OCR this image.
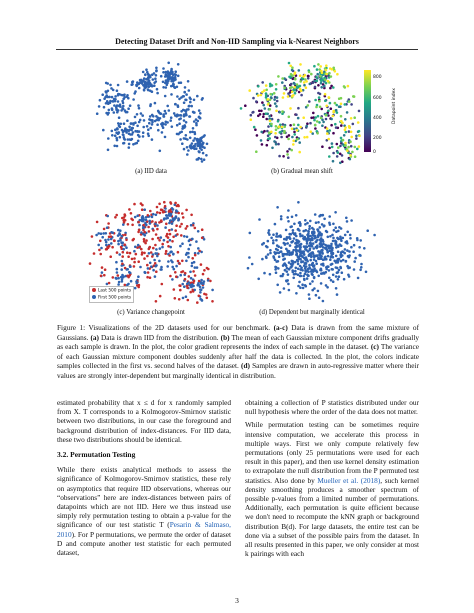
Detecting Dataset Drift and Non-IID Sampling via k-Nearest Neighbors
(a) IID data
800
600
400
200
0
Datapoint index
(b) Gradual mean shift
Last 500 points
First 500 points
(c) Variance changepoint	(d) Dependent but marginally identical
Figure 1: Visualizations of the 2D datasets used for our benchmark. (a-c) Data is drawn from the same mixture of Gaussians. (a) Data is drawn IID from the distribution. (b) The mean of each Gaussian mixture component drifts gradually as each sample is drawn. In the plot, the color gradient represents the index of each sample in the dataset. (c) The variance of each Gaussian mixture component doubles suddenly after half the data is collected. In the plot, the colors indicate samples collected in the first vs. second halves of the dataset. (d) Samples are drawn in auto-regressive matter where their values are strongly inter-dependent but marginally identical in distribution.

estimated probability that x ≤ d for x randomly sampled from X. T corresponds to a Kolmogorov-Smirnov statistic between two distributions, in our case the foreground and background distribution of index-distances. For IID data, these two distributions should be identical.

3.2. Permutation Testing

While there exists analytical methods to assess the significance of Kolmogorov-Smirnov statistics, these rely on asymptotics that require IID observations, whereas our “observations” here are index-distances between pairs of datapoints which are not IID. Here we thus instead use simply rely permutation testing to obtain a p-value for the significance of our test statistic T (Pesarin & Salmaso, 2010). For P permutations, we permute the order of dataset D and compute another test statistic for each permuted dataset,

obtaining a collection of P statistics distributed under our null hypothesis where the order of the data does not matter.

While permutation testing can be sometimes require intensive computation, we accelerate this process in multiple ways. First we only compute relatively few permutations (only 25 permutations were used for each result in this paper), and then use kernel density estimation to extrapolate the null distribution from the P permuted test statistics. Also done by Mueller et al. (2018), such kernel density smoothing produces a smoother spectrum of possible p-values from a limited number of permutations. Additionally, each permutation is quite efficient because we don't need to recompute the kNN graph or background distribution B(d). For large datasets, the entire test can be done via a subset of the possible pairs from the dataset. In all results presented in this paper, we only consider at most k pairings with each

3
